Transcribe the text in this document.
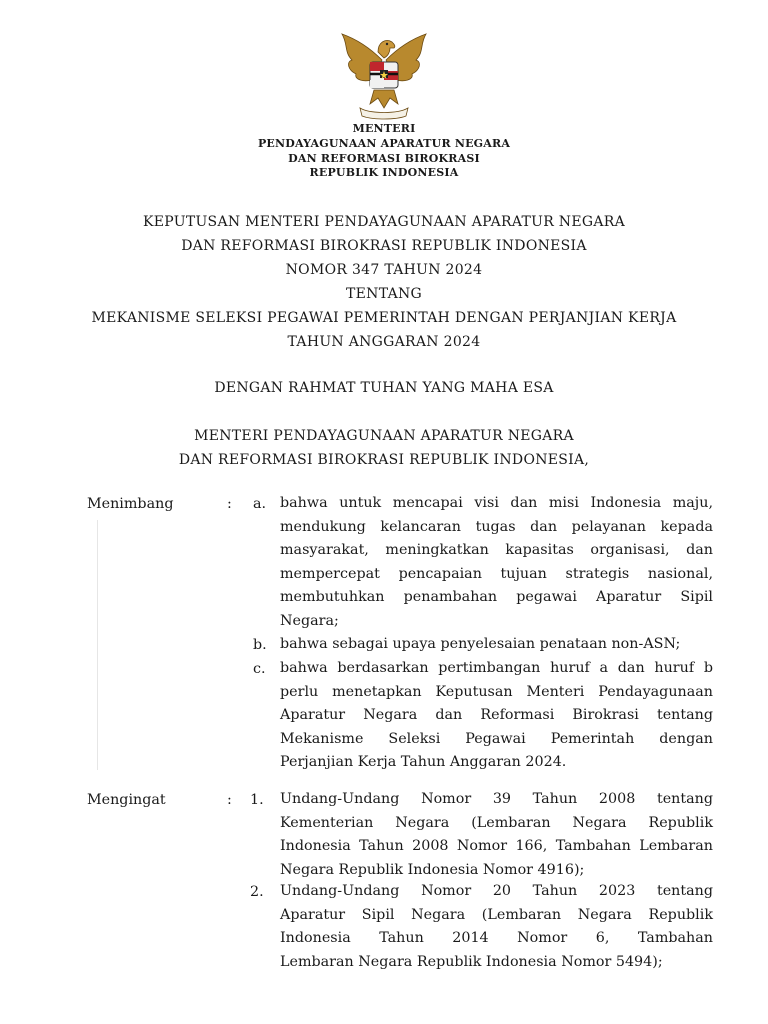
MENTERI
PENDAYAGUNAAN APARATUR NEGARA
DAN REFORMASI BIROKRASI
REPUBLIK INDONESIA
KEPUTUSAN MENTERI PENDAYAGUNAAN APARATUR NEGARA
DAN REFORMASI BIROKRASI REPUBLIK INDONESIA
NOMOR 347 TAHUN 2024
TENTANG
MEKANISME SELEKSI PEGAWAI PEMERINTAH DENGAN PERJANJIAN KERJA
TAHUN ANGGARAN 2024
DENGAN RAHMAT TUHAN YANG MAHA ESA
MENTERI PENDAYAGUNAAN APARATUR NEGARA
DAN REFORMASI BIROKRASI REPUBLIK INDONESIA,
Menimbang	: a. bahwa untuk mencapai visi dan misi Indonesia maju,
mendukung kelancaran tugas dan pelayanan kepada
masyarakat, meningkatkan kapasitas organisasi, dan
mempercepat pencapaian tujuan strategis nasional,
membutuhkan penambahan pegawai Aparatur Sipil
Negara;
b. bahwa sebagai upaya penyelesaian penataan non-ASN;
c. bahwa berdasarkan pertimbangan huruf a dan huruf b
perlu menetapkan Keputusan Menteri Pendayagunaan
Aparatur Negara dan Reformasi Birokrasi tentang
Mekanisme Seleksi Pegawai Pemerintah dengan
Perjanjian Kerja Tahun Anggaran 2024.
Mengingat	: 1. Undang-Undang Nomor 39 Tahun 2008 tentang
Kementerian Negara (Lembaran Negara Republik
Indonesia Tahun 2008 Nomor 166, Tambahan Lembaran
Negara Republik Indonesia Nomor 4916);
2. Undang-Undang Nomor 20 Tahun 2023 tentang
Aparatur Sipil Negara (Lembaran Negara Republik
Indonesia Tahun 2014 Nomor 6, Tambahan
Lembaran Negara Republik Indonesia Nomor 5494);
